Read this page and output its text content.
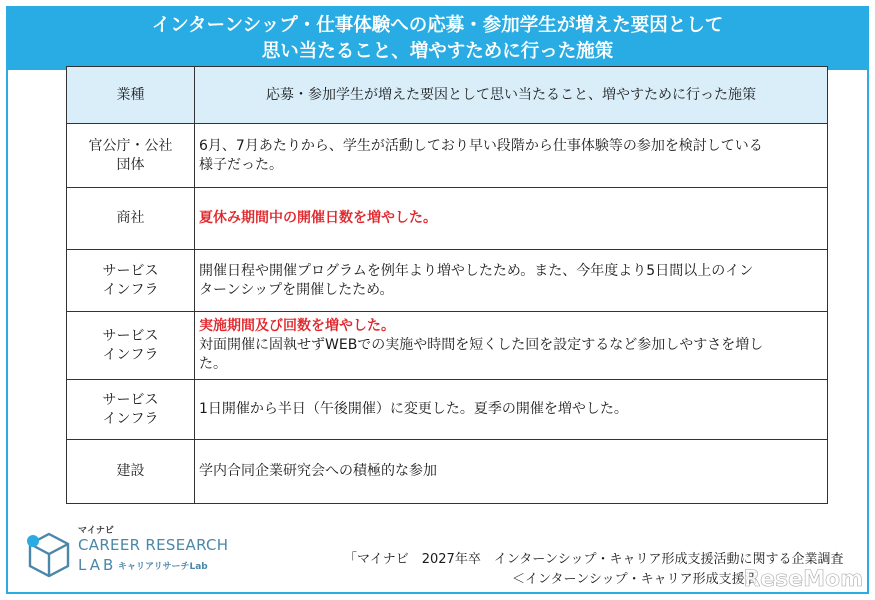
インターンシップ・仕事体験への応募・参加学生が増えた要因として
思い当たること、増やすために行った施策
業種	応募・参加学生が増えた要因として思い当たること、増やすために行った施策

官公庁・公社
団体	6月、7月あたりから、学生が活動しており早い段階から仕事体験等の参加を検討している
様子だった。

商社	夏休み期間中の開催日数を増やした。

サービス
インフラ	開催日程や開催プログラムを例年より増やしたため。また、今年度より5日間以上のイン
ターンシップを開催したため。

サービス
インフラ	実施期間及び回数を増やした。
対面開催に固執せずWEBでの実施や時間を短くした回を設定するなど参加しやすさを増し
た。

サービス
インフラ	1日開催から半日（午後開催）に変更した。夏季の開催を増やした。

建設	学内合同企業研究会への積極的な参加
マイナビ
CAREER RESEARCH
LAB キャリアリサーチLab	「マイナビ　2027年卒　インターンシップ・キャリア形成支援活動に関する企業調査
＜インターンシップ・キャリア形成支援活
ReseMom
